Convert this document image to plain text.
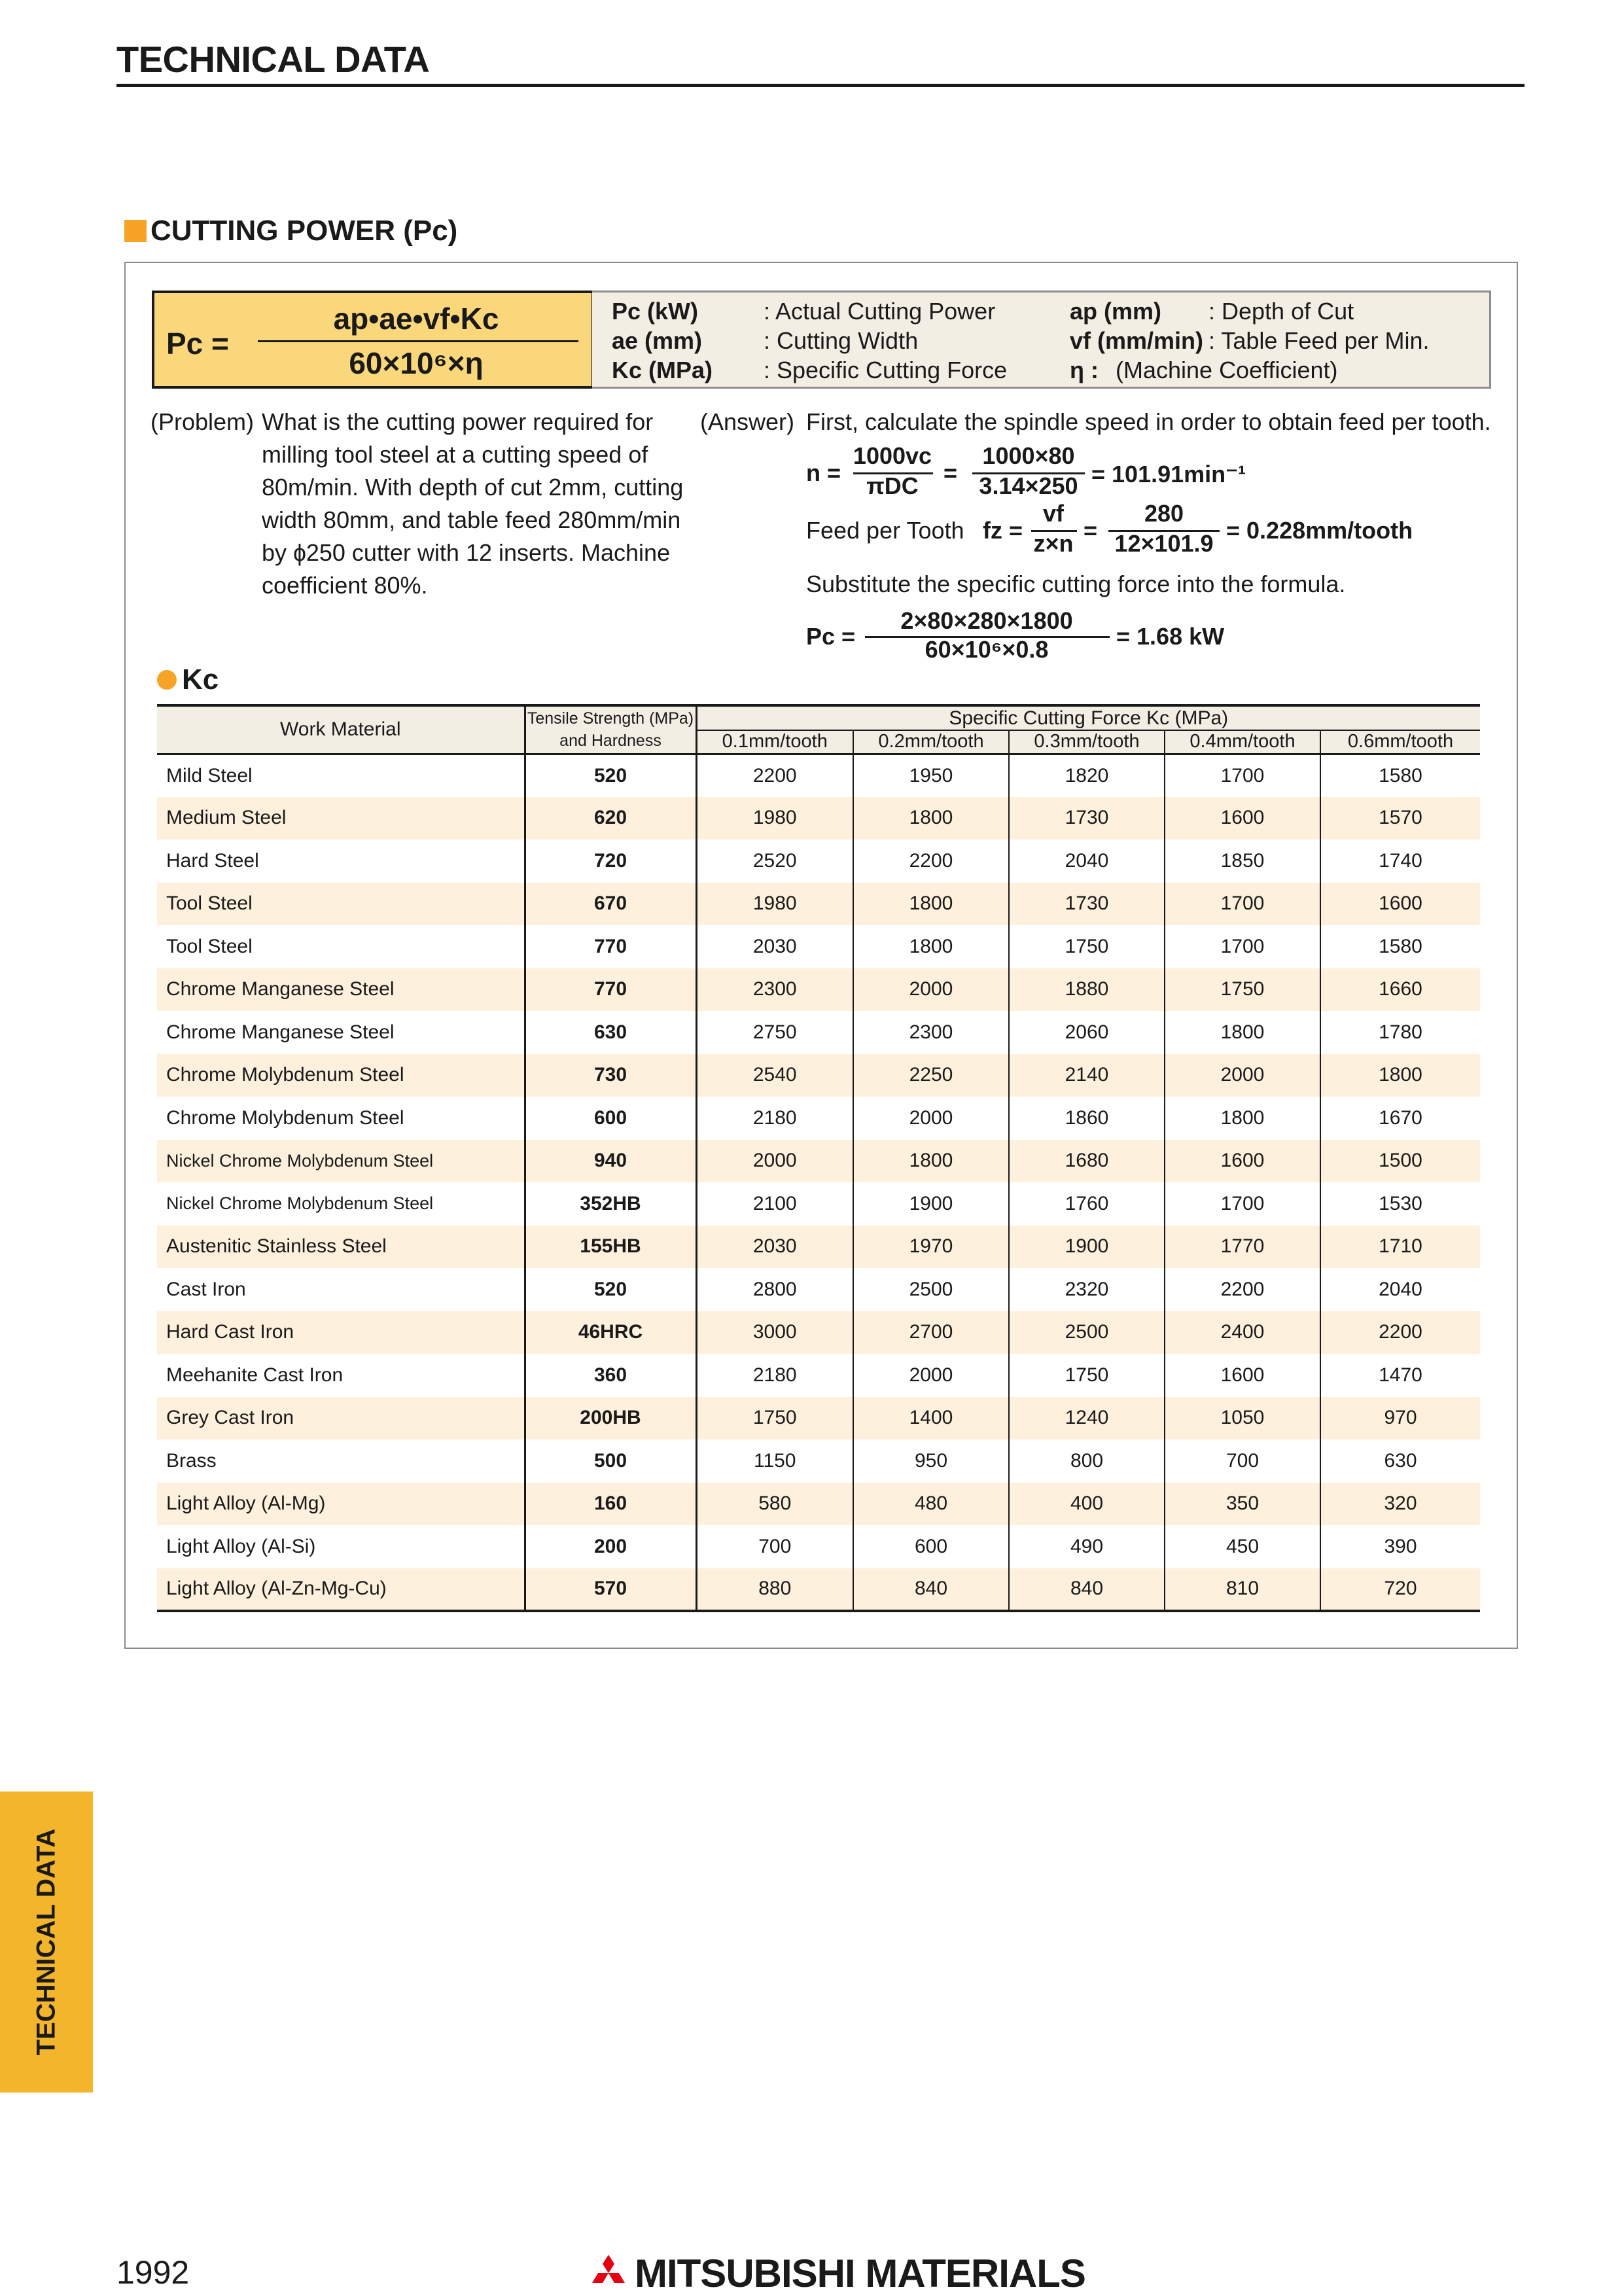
TECHNICAL DATA
CUTTING POWER (Pc)
Pc =
ap•ae•vf•Kc
60×10⁶×η
Pc (kW)	: Actual Cutting Power
ae (mm)	: Cutting Width
Kc (MPa) : Specific Cutting Force
ap (mm) : Depth of Cut
vf (mm/min) : Table Feed per Min.
η : (Machine Coefficient)
(Problem) What is the cutting power required for
milling tool steel at a cutting speed of
80m/min. With depth of cut 2mm, cutting
width 80mm, and table feed 280mm/min
by ɸ250 cutter with 12 inserts. Machine
coefficient 80%.
(Answer) First, calculate the spindle speed in order to obtain feed per tooth.
n =
1000vc
πDC	=
1000×80
3.14×250 = 101.91min⁻¹
Feed per Tooth fz =
vf
z×n =
280
12×101.9 = 0.228mm/tooth
Substitute the specific cutting force into the formula.
Pc =
2×80×280×1800
60×10⁶×0.8	= 1.68 kW
Kc
Work Material	Tensile Strength (MPa) and Hardness	Specific Cutting Force Kc (MPa)				
		0.1mm/tooth	0.2mm/tooth	0.3mm/tooth	0.4mm/tooth	0.6mm/tooth
Mild Steel	520	2200	1950	1820	1700	1580
Medium Steel	620	1980	1800	1730	1600	1570
Hard Steel	720	2520	2200	2040	1850	1740
Tool Steel	670	1980	1800	1730	1700	1600
Tool Steel	770	2030	1800	1750	1700	1580
Chrome Manganese Steel	770	2300	2000	1880	1750	1660
Chrome Manganese Steel	630	2750	2300	2060	1800	1780
Chrome Molybdenum Steel	730	2540	2250	2140	2000	1800
Chrome Molybdenum Steel	600	2180	2000	1860	1800	1670
Nickel Chrome Molybdenum Steel	940	2000	1800	1680	1600	1500
Nickel Chrome Molybdenum Steel	352HB	2100	1900	1760	1700	1530
Austenitic Stainless Steel	155HB	2030	1970	1900	1770	1710
Cast Iron	520	2800	2500	2320	2200	2040
Hard Cast Iron	46HRC	3000	2700	2500	2400	2200
Meehanite Cast Iron	360	2180	2000	1750	1600	1470
Grey Cast Iron	200HB	1750	1400	1240	1050	970
Brass	500	1150	950	800	700	630
Light Alloy (Al-Mg)	160	580	480	400	350	320
Light Alloy (Al-Si)	200	700	600	490	450	390
Light Alloy (Al-Zn-Mg-Cu)	570	880	840	840	810	720

TECHNICAL DATA
1992	MITSUBISHI MATERIALS
